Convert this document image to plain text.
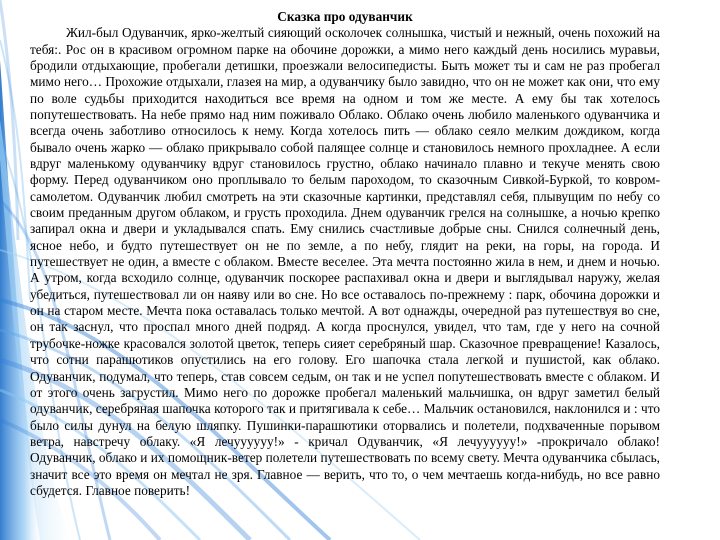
Сказка про одуванчик

Жил-был Одуванчик, ярко-желтый сияющий осколочек солнышка, чистый и нежный, очень похожий на тебя:. Рос он в красивом огромном парке на обочине дорожки, а мимо него каждый день носились муравьи, бродили отдыхающие, пробегали детишки, проезжали велосипедисты. Быть может ты и сам не раз пробегал мимо него… Прохожие отдыхали, глазея на мир, а одуванчику было завидно, что он не может как они, что ему по воле судьбы приходится находиться все время на одном и том же месте. А ему бы так хотелось попутешествовать. На небе прямо над ним поживало Облако. Облако очень любило маленького одуванчика и всегда очень заботливо относилось к нему. Когда хотелось пить — облако сеяло мелким дождиком, когда бывало очень жарко — облако прикрывало собой палящее солнце и становилось немного прохладнее. А если вдруг маленькому одуванчику вдруг становилось грустно, облако начинало плавно и текуче менять свою форму. Перед одуванчиком оно проплывало то белым пароходом, то сказочным Сивкой-Буркой, то ковром-самолетом. Одуванчик любил смотреть на эти сказочные картинки, представлял себя, плывущим по небу со своим преданным другом облаком, и грусть проходила. Днем одуванчик грелся на солнышке, а ночью крепко запирал окна и двери и укладывался спать. Ему снились счастливые добрые сны. Снился солнечный день, ясное небо, и будто путешествует он не по земле, а по небу, глядит на реки, на горы, на города. И путешествует не один, а вместе с облаком. Вместе веселее. Эта мечта постоянно жила в нем, и днем и ночью. А утром, когда всходило солнце, одуванчик поскорее распахивал окна и двери и выглядывал наружу, желая убедиться, путешествовал ли он наяву или во сне. Но все оставалось по-прежнему : парк, обочина дорожки и он на старом месте. Мечта пока оставалась только мечтой. А вот однажды, очередной раз путешествуя во сне, он так заснул, что проспал много дней подряд. А когда проснулся, увидел, что там, где у него на сочной трубочке-ножке красовался золотой цветок, теперь сияет серебряный шар. Сказочное превращение! Казалось, что сотни парашютиков опустились на его голову. Его шапочка стала легкой и пушистой, как облако. Одуванчик, подумал, что теперь, став совсем седым, он так и не успел попутешествовать вместе с облаком. И от этого очень загрустил. Мимо него по дорожке пробегал маленький мальчишка, он вдруг заметил белый одуванчик, серебряная шапочка которого так и притягивала к себе… Мальчик остановился, наклонился и : что было силы дунул на белую шляпку. Пушинки-парашютики оторвались и полетели, подхваченные порывом ветра, навстречу облаку. «Я лечуууууу!» - кричал Одуванчик, «Я лечуууууу!» -прокричало облако! Одуванчик, облако и их помощник-ветер полетели путешествовать по всему свету. Мечта одуванчика сбылась, значит все это время он мечтал не зря. Главное — верить, что то, о чем мечтаешь когда-нибудь, но все равно сбудется. Главное поверить!
